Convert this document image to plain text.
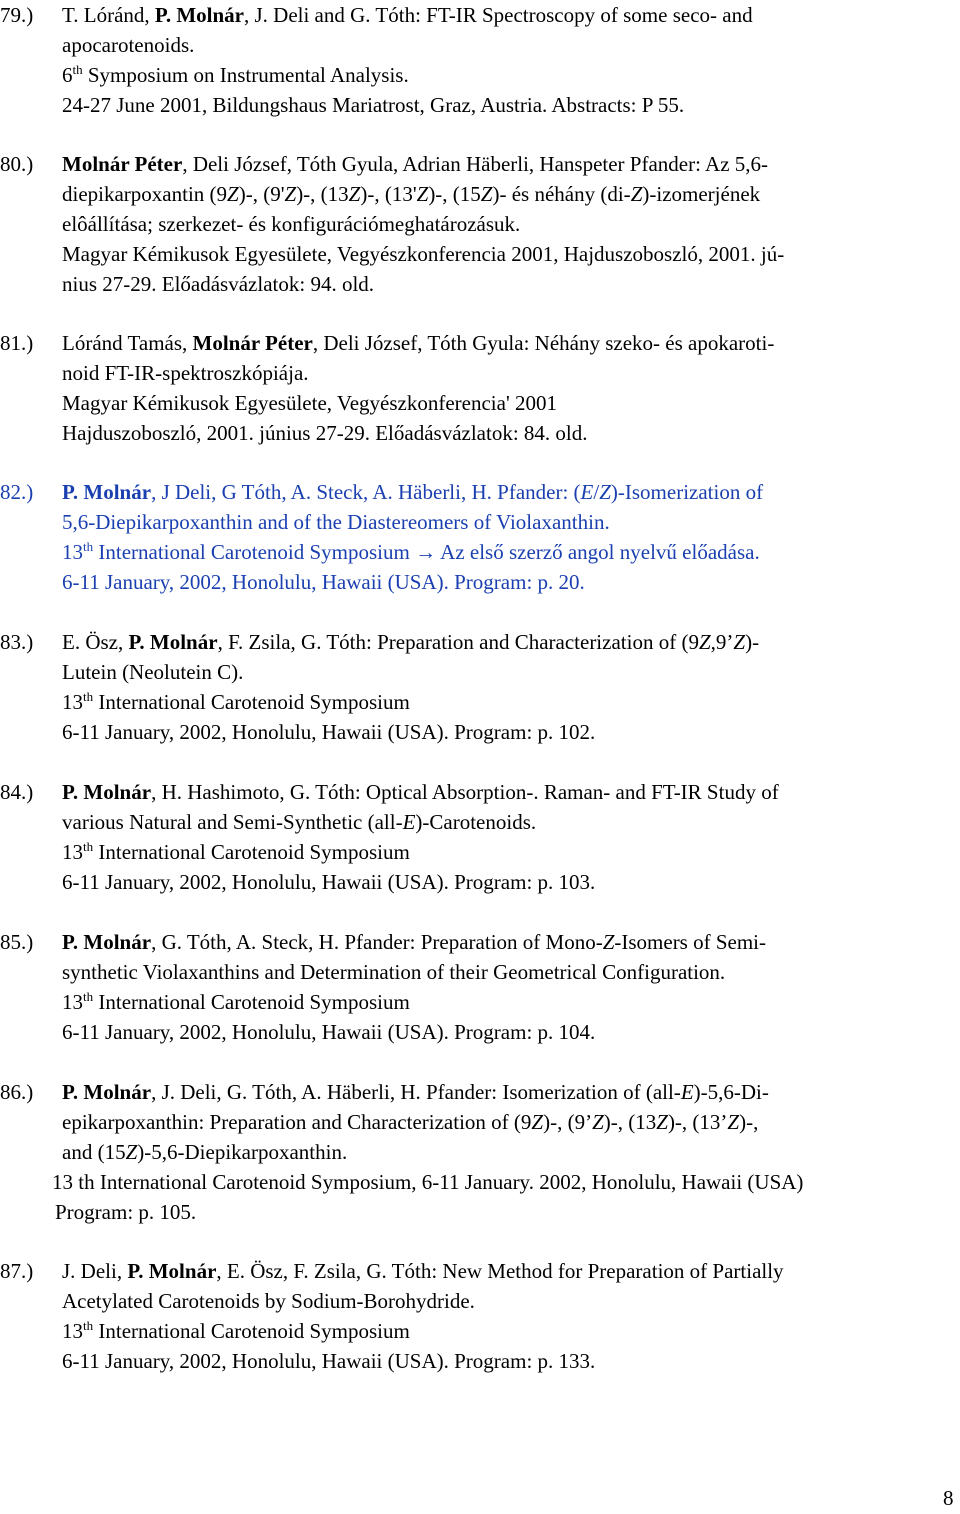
79.) T. Lóránd, P. Molnár, J. Deli and G. Tóth: FT-IR Spectroscopy of some seco- and
apocarotenoids.
6th Symposium on Instrumental Analysis.
24-27 June 2001, Bildungshaus Mariatrost, Graz, Austria. Abstracts: P 55.
80.) Molnár Péter, Deli József, Tóth Gyula, Adrian Häberli, Hanspeter Pfander: Az 5,6-
diepikarpoxantin (9Z)-, (9'Z)-, (13Z)-, (13'Z)-, (15Z)- és néhány (di-Z)-izomerjének
elôállítása; szerkezet- és konfigurációmeghatározásuk.
Magyar Kémikusok Egyesülete, Vegyészkonferencia 2001, Hajduszoboszló, 2001. jú-
nius 27-29. Előadásvázlatok: 94. old.
81.) Lóránd Tamás, Molnár Péter, Deli József, Tóth Gyula: Néhány szeko- és apokaroti-
noid FT-IR-spektroszkópiája.
Magyar Kémikusok Egyesülete, Vegyészkonferencia' 2001
Hajduszoboszló, 2001. június 27-29. Előadásvázlatok: 84. old.
82.) P. Molnár, J Deli, G Tóth, A. Steck, A. Häberli, H. Pfander: (E/Z)-Isomerization of
5,6-Diepikarpoxanthin and of the Diastereomers of Violaxanthin.
13th International Carotenoid Symposium → Az első szerző angol nyelvű előadása.
6-11 January, 2002, Honolulu, Hawaii (USA). Program: p. 20.
83.) E. Ösz, P. Molnár, F. Zsila, G. Tóth: Preparation and Characterization of (9Z,9’Z)-
Lutein (Neolutein C).
13th International Carotenoid Symposium
6-11 January, 2002, Honolulu, Hawaii (USA). Program: p. 102.
84.) P. Molnár, H. Hashimoto, G. Tóth: Optical Absorption-. Raman- and FT-IR Study of
various Natural and Semi-Synthetic (all-E)-Carotenoids.
13th International Carotenoid Symposium
6-11 January, 2002, Honolulu, Hawaii (USA). Program: p. 103.
85.) P. Molnár, G. Tóth, A. Steck, H. Pfander: Preparation of Mono-Z-Isomers of Semi-
synthetic Violaxanthins and Determination of their Geometrical Configuration.
13th International Carotenoid Symposium
6-11 January, 2002, Honolulu, Hawaii (USA). Program: p. 104.
86.) P. Molnár, J. Deli, G. Tóth, A. Häberli, H. Pfander: Isomerization of (all-E)-5,6-Di-
epikarpoxanthin: Preparation and Characterization of (9Z)-, (9’Z)-, (13Z)-, (13’Z)-,
and (15Z)-5,6-Diepikarpoxanthin.
13 th International Carotenoid Symposium, 6-11 January. 2002, Honolulu, Hawaii (USA)
Program: p. 105.
87.) J. Deli, P. Molnár, E. Ösz, F. Zsila, G. Tóth: New Method for Preparation of Partially
Acetylated Carotenoids by Sodium-Borohydride.
13th International Carotenoid Symposium
6-11 January, 2002, Honolulu, Hawaii (USA). Program: p. 133.
8
